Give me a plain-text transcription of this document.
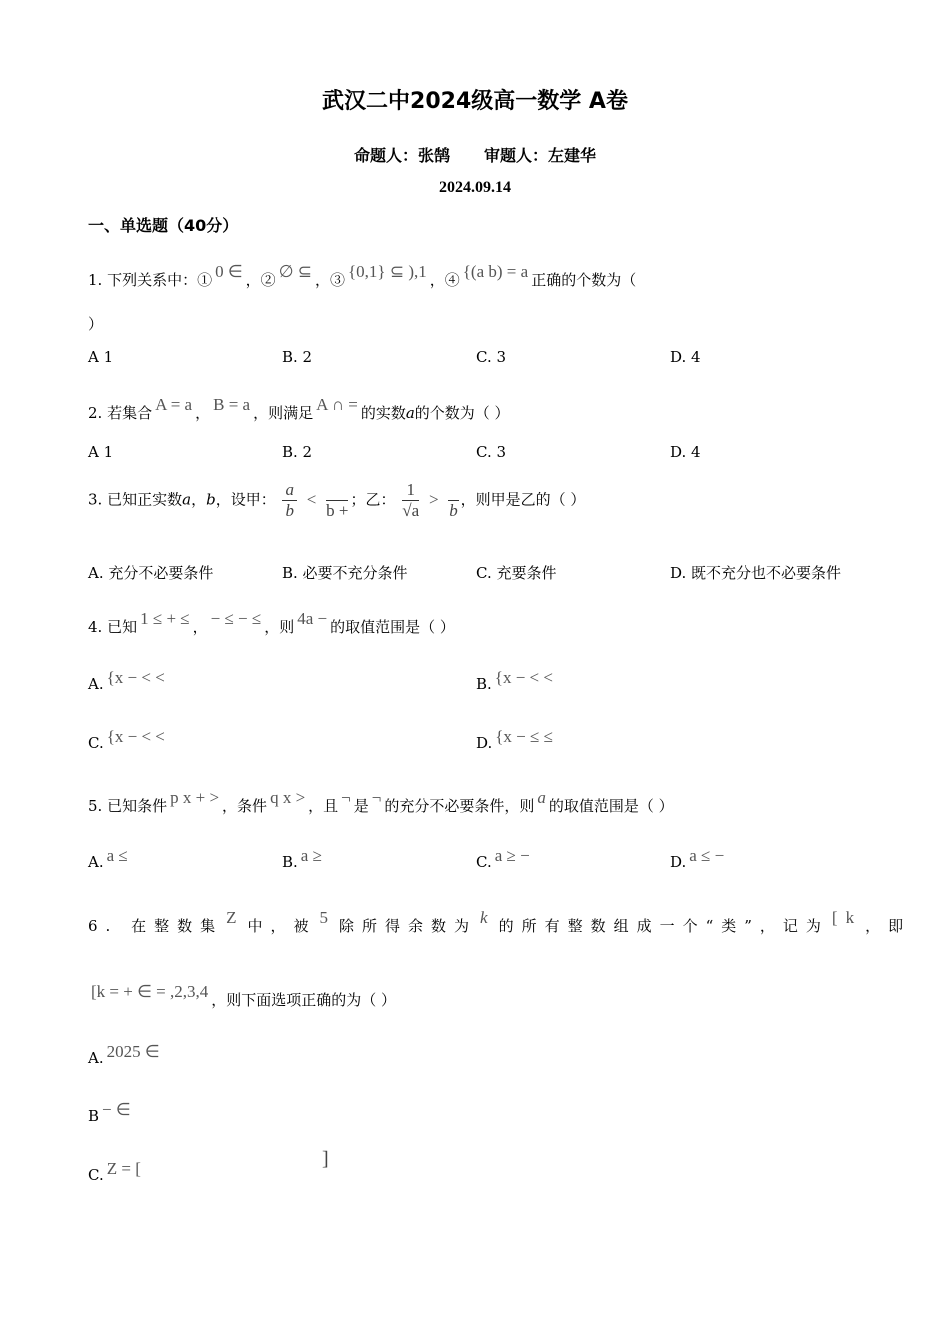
武汉二中2024级高一数学 A卷
命题人：张鹄 审题人：左建华
2024.09.14
一、单选题（40分）
1. 下列关系中：① 0 ∈ ，② ∅ ⊆ ，③ {0,1} ⊆ ),1 ，④ {(a b) = a 正确的个数为（
）
A 1	B. 2	C. 3	D. 4
2. 若集合 A = a ， B = a ，则满足 A ∩ = 的实数a的个数为（ ）
A 1	B. 2	C. 3	D. 4
3. 已知正实数a，b，设甲： $\frac{a}{b}$ <

b +
；乙： $\frac{1}{√a}$ >

b
，则甲是乙的（ ）
A. 充分不必要条件	B. 必要不充分条件	C. 充要条件	D. 既不充分也不必要条件
4. 已知 1 ≤ + ≤ ， − ≤ − ≤ ，则 4a − 的取值范围是（ ）
A. {x − < <	B. {x − < <
C. {x − < <	D. {x − ≤ ≤
5. 已知条件 p x + > ，条件 q x > ，且 ¬ 是 ¬ 的充分不必要条件，则 a 的取值范围是（ ）
A. a ≤	B. a ≥	C. a ≥ −	D. a ≤ −
6. 在整数集 Z 中，被 5 除所得余数为 k 的所有整数组成一个“类”，记为 [k ，即
[k = + ∈ = ,2,3,4 ，则下面选项正确的为（ ）
A. 2025 ∈
B − ∈
C. Z = [	]
